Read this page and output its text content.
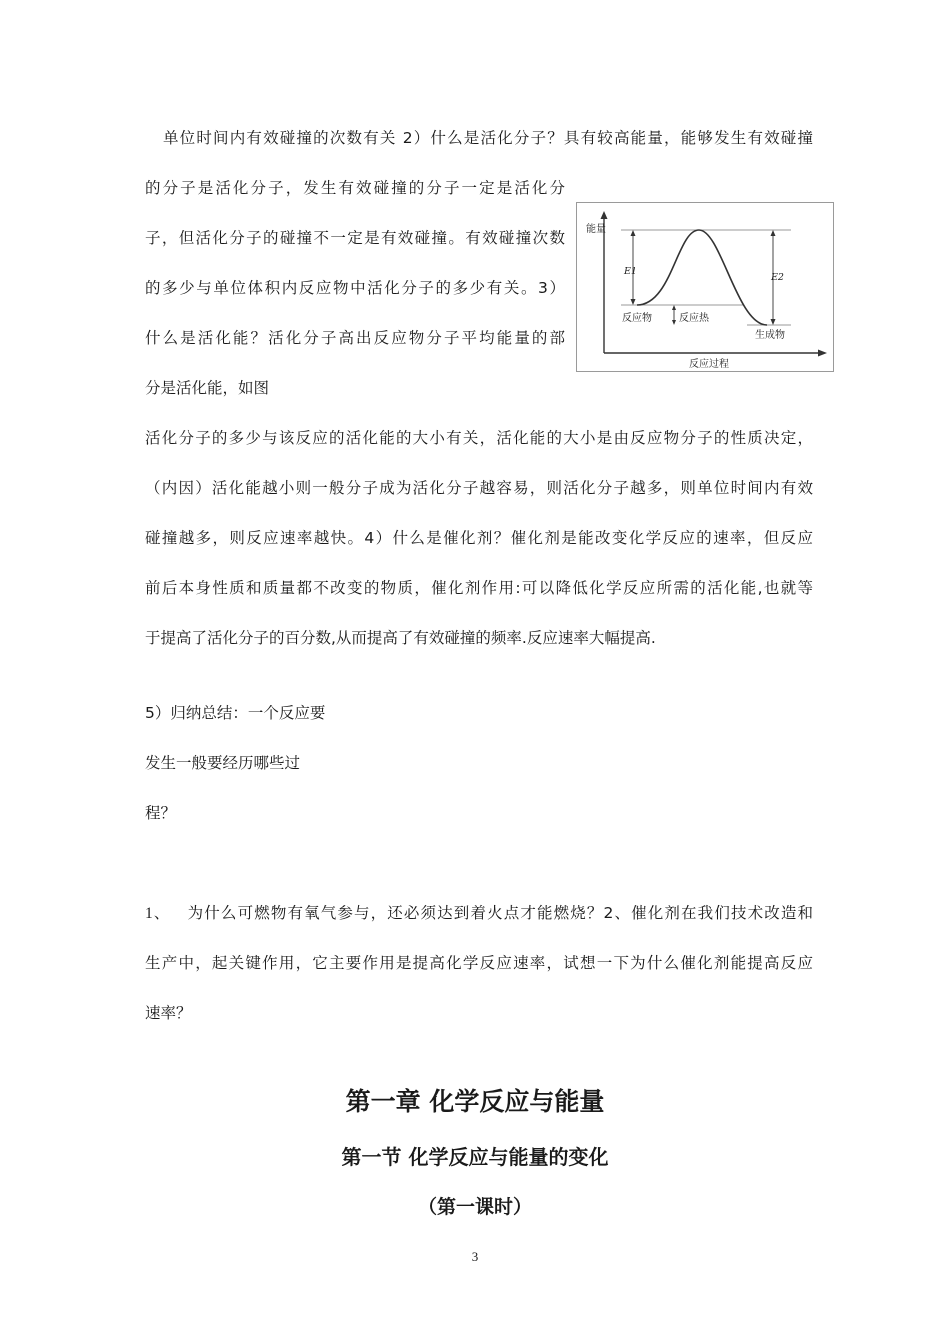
单位时间内有效碰撞的次数有关 2）什么是活化分子？具有较高能量，能够发生有效碰撞
的分子是活化分子，发生有效碰撞的分子一定是活化分
子，但活化分子的碰撞不一定是有效碰撞。有效碰撞次数
的多少与单位体积内反应物中活化分子的多少有关。3）
什么是活化能？活化分子高出反应物分子平均能量的部
分是活化能，如图
活化分子的多少与该反应的活化能的大小有关，活化能的大小是由反应物分子的性质决定，
（内因）活化能越小则一般分子成为活化分子越容易，则活化分子越多，则单位时间内有效
碰撞越多，则反应速率越快。4）什么是催化剂？催化剂是能改变化学反应的速率，但反应
前后本身性质和质量都不改变的物质，催化剂作用:可以降低化学反应所需的活化能,也就等
于提高了活化分子的百分数,从而提高了有效碰撞的频率.反应速率大幅提高.
5）归纳总结：一个反应要
发生一般要经历哪些过
程？
能量
E1
E2
反应物	反应热
生成物
反应过程
1、 为什么可燃物有氧气参与，还必须达到着火点才能燃烧？2、催化剂在我们技术改造和
生产中，起关键作用，它主要作用是提高化学反应速率，试想一下为什么催化剂能提高反应
速率？
第一章 化学反应与能量
第一节 化学反应与能量的变化
（第一课时）
3
